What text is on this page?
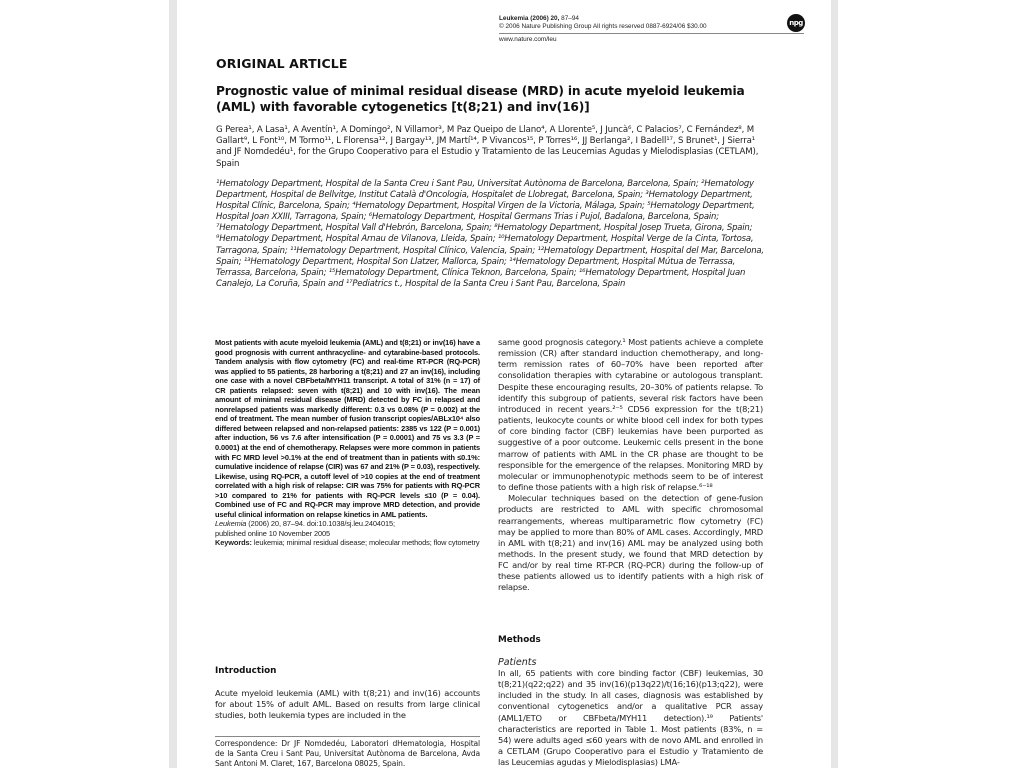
Leukemia (2006) 20, 87–94
© 2006 Nature Publishing Group All rights reserved 0887-6924/06 $30.00
www.nature.com/leu
npg
ORIGINAL ARTICLE
Prognostic value of minimal residual disease (MRD) in acute myeloid leukemia (AML) with favorable cytogenetics [t(8;21) and inv(16)]
G Perea¹, A Lasa¹, A Aventín¹, A Domingo², N Villamor³, M Paz Queipo de Llano⁴, A Llorente⁵, J Juncà⁶, C Palacios⁷, C Fernández⁸, M Gallart⁹, L Font¹⁰, M Tormo¹¹, L Florensa¹², J Bargay¹³, JM Martí¹⁴, P Vivancos¹⁵, P Torres¹⁶, JJ Berlanga², I Badell¹⁷, S Brunet¹, J Sierra¹ and JF Nomdedéu¹, for the Grupo Cooperativo para el Estudio y Tratamiento de las Leucemias Agudas y Mielodisplasias (CETLAM), Spain
¹Hematology Department, Hospital de la Santa Creu i Sant Pau, Universitat Autònoma de Barcelona, Barcelona, Spain; ²Hematology Department, Hospital de Bellvitge, Institut Català d'Oncologia, Hospitalet de Llobregat, Barcelona, Spain; ³Hematology Department, Hospital Clínic, Barcelona, Spain; ⁴Hematology Department, Hospital Virgen de la Victoria, Málaga, Spain; ⁵Hematology Department, Hospital Joan XXIII, Tarragona, Spain; ⁶Hematology Department, Hospital Germans Trias i Pujol, Badalona, Barcelona, Spain; ⁷Hematology Department, Hospital Vall d'Hebrón, Barcelona, Spain; ⁸Hematology Department, Hospital Josep Trueta, Girona, Spain; ⁹Hematology Department, Hospital Arnau de Vilanova, Lleida, Spain; ¹⁰Hematology Department, Hospital Verge de la Cinta, Tortosa, Tarragona, Spain; ¹¹Hematology Department, Hospital Clínico, Valencia, Spain; ¹²Hematology Department, Hospital del Mar, Barcelona, Spain; ¹³Hematology Department, Hospital Son Llatzer, Mallorca, Spain; ¹⁴Hematology Department, Hospital Mútua de Terrassa, Terrassa, Barcelona, Spain; ¹⁵Hematology Department, Clínica Teknon, Barcelona, Spain; ¹⁶Hematology Department, Hospital Juan Canalejo, La Coruña, Spain and ¹⁷Pediatrics t., Hospital de la Santa Creu i Sant Pau, Barcelona, Spain
Most patients with acute myeloid leukemia (AML) and t(8;21) or inv(16) have a good prognosis with current anthracycline- and cytarabine-based protocols. Tandem analysis with flow cytometry (FC) and real-time RT-PCR (RQ-PCR) was applied to 55 patients, 28 harboring a t(8;21) and 27 an inv(16), including one case with a novel CBFbeta/MYH11 transcript. A total of 31% (n = 17) of CR patients relapsed: seven with t(8;21) and 10 with inv(16). The mean amount of minimal residual disease (MRD) detected by FC in relapsed and nonrelapsed patients was markedly different: 0.3 vs 0.08% (P = 0.002) at the end of treatment. The mean number of fusion transcript copies/ABLx10⁴ also differed between relapsed and non-relapsed patients: 2385 vs 122 (P = 0.001) after induction, 56 vs 7.6 after intensification (P = 0.0001) and 75 vs 3.3 (P = 0.0001) at the end of chemotherapy. Relapses were more common in patients with FC MRD level >0.1% at the end of treatment than in patients with ≤0.1%: cumulative incidence of relapse (CIR) was 67 and 21% (P = 0.03), respectively. Likewise, using RQ-PCR, a cutoff level of >10 copies at the end of treatment correlated with a high risk of relapse: CIR was 75% for patients with RQ-PCR >10 compared to 21% for patients with RQ-PCR levels ≤10 (P = 0.04). Combined use of FC and RQ-PCR may improve MRD detection, and provide useful clinical information on relapse kinetics in AML patients.
Leukemia (2006) 20, 87–94. doi:10.1038/sj.leu.2404015;
published online 10 November 2005
Keywords: leukemia; minimal residual disease; molecular methods; flow cytometry
Introduction
Acute myeloid leukemia (AML) with t(8;21) and inv(16) accounts for about 15% of adult AML. Based on results from large clinical studies, both leukemia types are included in the
Correspondence: Dr JF Nomdedéu, Laboratori dHematologia, Hospital de la Santa Creu i Sant Pau, Universitat Autònoma de Barcelona, Avda Sant Antoni M. Claret, 167, Barcelona 08025, Spain.

same good prognosis category.¹ Most patients achieve a complete remission (CR) after standard induction chemotherapy, and long-term remission rates of 60–70% have been reported after consolidation therapies with cytarabine or autologous transplant. Despite these encouraging results, 20–30% of patients relapse. To identify this subgroup of patients, several risk factors have been introduced in recent years.²⁻⁵ CD56 expression for the t(8;21) patients, leukocyte counts or white blood cell index for both types of core binding factor (CBF) leukemias have been purported as suggestive of a poor outcome. Leukemic cells present in the bone marrow of patients with AML in the CR phase are thought to be responsible for the emergence of the relapses. Monitoring MRD by molecular or immunophenotypic methods seem to be of interest to define those patients with a high risk of relapse.⁶⁻¹⁸

Molecular techniques based on the detection of gene-fusion products are restricted to AML with specific chromosomal rearrangements, whereas multiparametric flow cytometry (FC) may be applied to more than 80% of AML cases. Accordingly, MRD in AML with t(8;21) and inv(16) AML may be analyzed using both methods. In the present study, we found that MRD detection by FC and/or by real time RT-PCR (RQ-PCR) during the follow-up of these patients allowed us to identify patients with a high risk of relapse.

Methods
Patients
In all, 65 patients with core binding factor (CBF) leukemias, 30 t(8;21)(q22;q22) and 35 inv(16)(p13q22)/t(16;16)(p13;q22), were included in the study. In all cases, diagnosis was established by conventional cytogenetics and/or a qualitative PCR assay (AML1/ETO or CBFbeta/MYH11 detection).¹⁹ Patients' characteristics are reported in Table 1. Most patients (83%, n = 54) were adults aged ≤60 years with de novo AML and enrolled in a CETLAM (Grupo Cooperativo para el Estudio y Tratamiento de las Leucemias agudas y Mielodisplasias) LMA-
